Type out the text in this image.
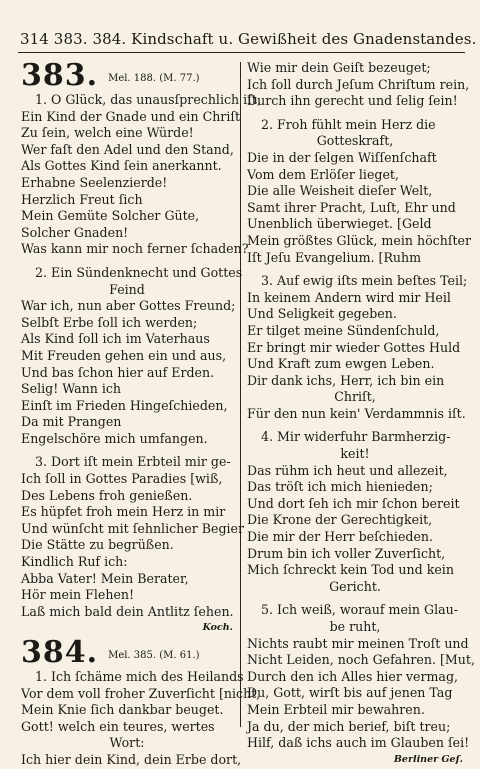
314 383. 384. Kindschaft u. Gewißheit des Gnadenstandes.
383. Mel. 188. (M. 77.)
1. O Glück, das unausſprechlich iſt,
Ein Kind der Gnade und ein Chriſt
Zu ſein, welch eine Würde!
Wer faſt den Adel und den Stand,
Als Gottes Kind ſein anerkannt.
Erhabne Seelenzierde!
Herzlich Freut ſich
Mein Gemüte Solcher Güte,
Solcher Gnaden!
Was kann mir noch ferner ſchaden?
2. Ein Sündenknecht und Gottes
Feind
War ich, nun aber Gottes Freund;
Selbſt Erbe ſoll ich werden;
Als Kind ſoll ich im Vaterhaus
Mit Freuden gehen ein und aus,
Und bas ſchon hier auf Erden.
Selig! Wann ich
Einſt im Frieden Hingeſchieden,
Da mit Prangen
Engelschöre mich umfangen.
3. Dort iſt mein Erbteil mir ge-
Ich ſoll in Gottes Paradies [wiß,
Des Lebens froh genießen.
Es hüpfet froh mein Herz in mir
Und wünſcht mit ſehnlicher Begier
Die Stätte zu begrüßen.
Kindlich Ruf ich:
Abba Vater! Mein Berater,
Hör mein Flehen!
Laß mich bald dein Antlitz ſehen.
Koch.
384. Mel. 385. (M. 61.)
1. Ich ſchäme mich des Heilands
Vor dem voll froher Zuverſicht [nicht,
Mein Knie ſich dankbar beuget.
Gott! welch ein teures, wertes
Wort:
Ich hier dein Kind, dein Erbe dort,
Wie mir dein Geiſt bezeuget;
Ich ſoll durch Jeſum Chriſtum rein,
Durch ihn gerecht und ſelig ſein!
2. Froh fühlt mein Herz die
Gotteskraft,
Die in der ſelgen Wiſſenſchaft
Vom dem Erlöſer lieget,
Die alle Weisheit dieſer Welt,
Samt ihrer Pracht, Luſt, Ehr und
Unenblich überwieget. [Geld
Mein größtes Glück, mein höchſter
Iſt Jeſu Evangelium. [Ruhm
3. Auf ewig iſts mein beſtes Teil;
In keinem Andern wird mir Heil
Und Seligkeit gegeben.
Er tilget meine Sündenſchuld,
Er bringt mir wieder Gottes Huld
Und Kraft zum ewgen Leben.
Dir dank ichs, Herr, ich bin ein
Chriſt,
Für den nun kein' Verdammnis iſt.
4. Mir widerfuhr Barmherzig-
keit!
Das rühm ich heut und allezeit,
Das tröſt ich mich hienieden;
Und dort ſeh ich mir ſchon bereit
Die Krone der Gerechtigkeit,
Die mir der Herr beſchieden.
Drum bin ich voller Zuverſicht,
Mich ſchreckt kein Tod und kein
Gericht.
5. Ich weiß, worauf mein Glau-
be ruht,
Nichts raubt mir meinen Troſt und
Nicht Leiden, noch Gefahren. [Mut,
Durch den ich Alles hier vermag,
Du, Gott, wirſt bis auf jenen Tag
Mein Erbteil mir bewahren.
Ja du, der mich berief, biſt treu;
Hilf, daß ichs auch im Glauben ſei!
Berliner Geſ.
